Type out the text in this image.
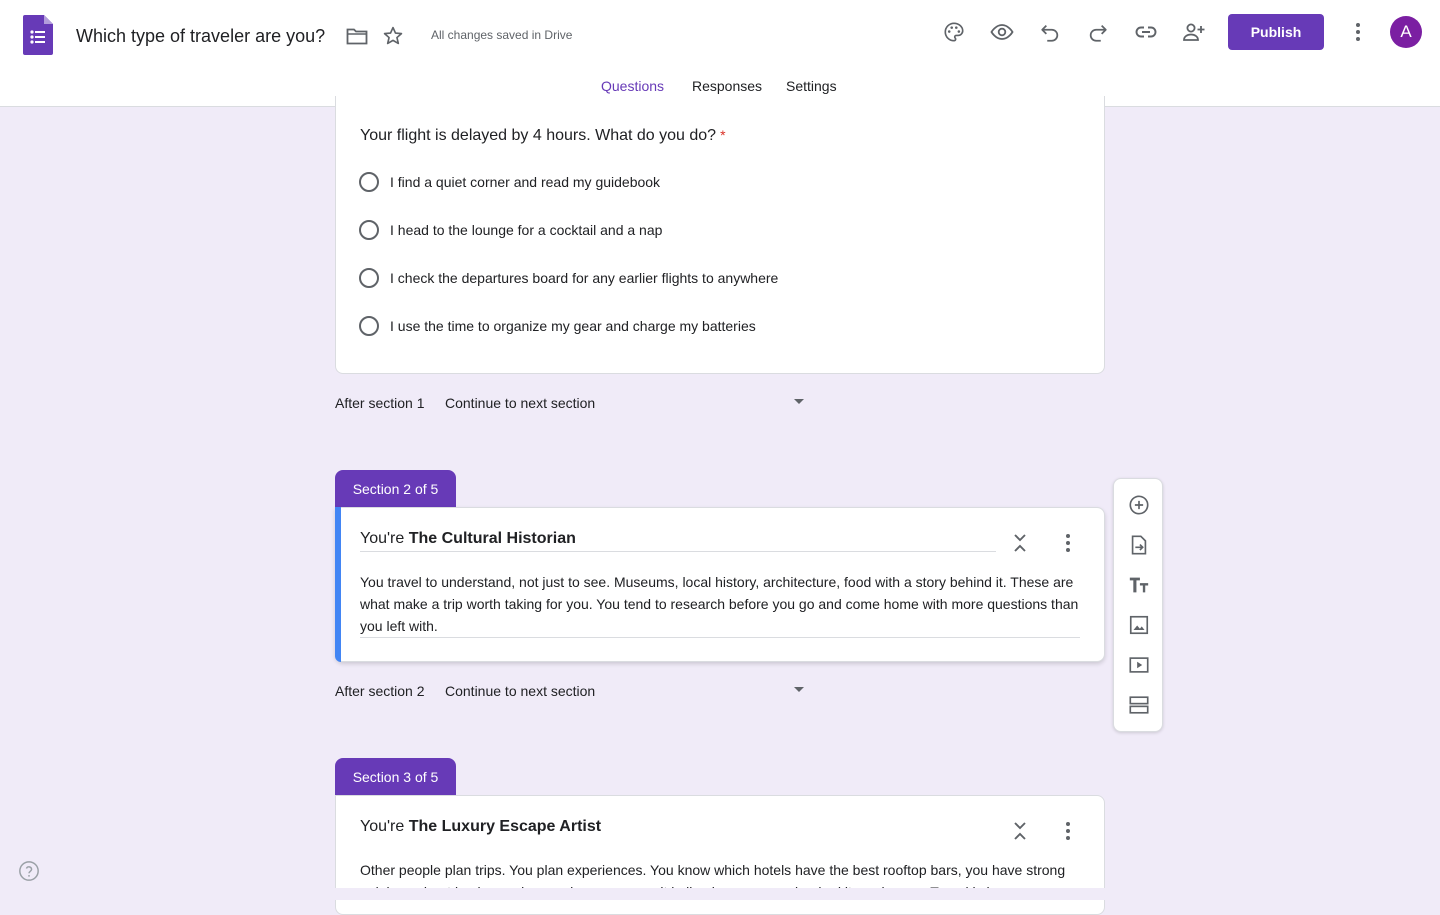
Which type of traveler are you?	All changes saved in Drive	Publish	A
Questions Responses Settings
Your flight is delayed by 4 hours. What do you do? *
I find a quiet corner and read my guidebook
I head to the lounge for a cocktail and a nap
I check the departures board for any earlier flights to anywhere
I use the time to organize my gear and charge my batteries
After section 1 Continue to next section
Section 2 of 5
You're The Cultural Historian
You travel to understand, not just to see. Museums, local history, architecture, food with a story behind it. These are what make a trip worth taking for you. You tend to research before you go and come home with more questions than you left with.
After section 2 Continue to next section
Section 3 of 5
You're The Luxury Escape Artist
Other people plan trips. You plan experiences. You know which hotels have the best rooftop bars, you have strong
